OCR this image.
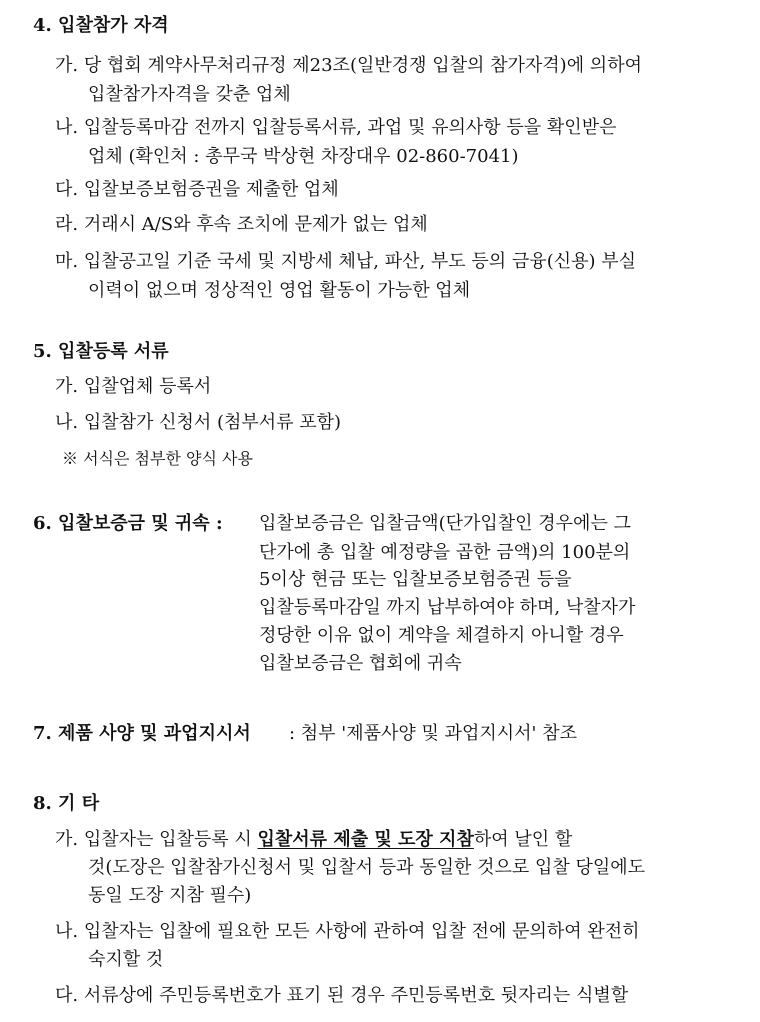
4. 입찰참가 자격
가. 당 협회 계약사무처리규정 제23조(일반경쟁 입찰의 참가자격)에 의하여
입찰참가자격을 갖춘 업체
나. 입찰등록마감 전까지 입찰등록서류, 과업 및 유의사항 등을 확인받은
업체 (확인처 : 총무국 박상현 차장대우 02-860-7041)
다. 입찰보증보험증권을 제출한 업체
라. 거래시 A/S와 후속 조치에 문제가 없는 업체
마. 입찰공고일 기준 국세 및 지방세 체납, 파산, 부도 등의 금융(신용) 부실
이력이 없으며 정상적인 영업 활동이 가능한 업체
5. 입찰등록 서류
가. 입찰업체 등록서
나. 입찰참가 신청서 (첨부서류 포함)
※ 서식은 첨부한 양식 사용
6. 입찰보증금 및 귀속 : 입찰보증금은 입찰금액(단가입찰인 경우에는 그
단가에 총 입찰 예정량을 곱한 금액)의 100분의
5이상 현금 또는 입찰보증보험증권 등을
입찰등록마감일 까지 납부하여야 하며, 낙찰자가
정당한 이유 없이 계약을 체결하지 아니할 경우
입찰보증금은 협회에 귀속
7. 제품 사양 및 과업지시서 : 첨부 '제품사양 및 과업지시서' 참조
8. 기 타
가. 입찰자는 입찰등록 시 입찰서류 제출 및 도장 지참하여 날인 할
것(도장은 입찰참가신청서 및 입찰서 등과 동일한 것으로 입찰 당일에도
동일 도장 지참 필수)
나. 입찰자는 입찰에 필요한 모든 사항에 관하여 입찰 전에 문의하여 완전히
숙지할 것
다. 서류상에 주민등록번호가 표기 된 경우 주민등록번호 뒷자리는 식별할
